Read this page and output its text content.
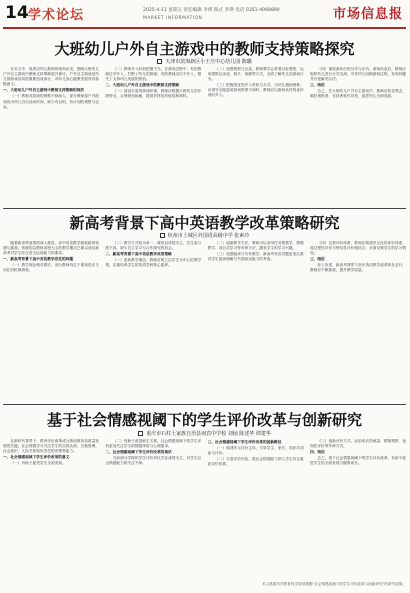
14 学术论坛	2025-4-11 星期五 责任编辑 李瑛 版式 李瑛 电话 0351-4068890
MARKET INFORMATION	市场信息报
大班幼儿户外自主游戏中的教师支持策略探究
天津市滨海新区小王庄中心幼儿园 陈璐

在本文中，笔者以幼儿教师的视角出发，围绕大班幼儿户外自主游戏中教师支持策略展开探讨。户外自主游戏是幼儿园游戏活动的重要组成部分，对幼儿身心健康发展具有积极意义。

一、大班幼儿户外自主游戏中教师支持策略的现状

（一）教师对游戏的观察不够深入，部分教师将户外游戏视为幼儿自由活动时间，缺少有目的、有计划的观察与记录。

（二）教师介入时机把握不当。在游戏过程中，有的教师过早介入，打断了幼儿的探索；有的教师迟迟不介入，错失了支持幼儿发展的契机。

二、大班幼儿户外自主游戏中的教师支持策略

（一）创设丰富的游戏环境，教师应根据大班幼儿的年龄特点，合理规划场地，提供多样化的低结构材料。

（二）加强观察与记录。教师要学会带着目标观察，运用观察记录表、照片、视频等方式，全面了解幼儿的游戏行为。

（三）把握适宜的介入时机与方式，当幼儿遇到困难、出现安全隐患或游戏停滞不前时，教师应以游戏伙伴的身份适时介入。

（四）重视游戏后的分享与评价。游戏结束后，教师应组织幼儿进行分享交流，引导幼儿回顾游戏过程，发现问题并讨论解决办法。

三、结语

总之，在大班幼儿户外自主游戏中，教师应转变观念，做好观察者、支持者和引导者，促进幼儿全面发展。

新高考背景下高中英语教学改革策略研究
杭州市上城区外国语高级中学 张素玲

随着新高考改革的深入推进，高中英语教学面临新的机遇与挑战。传统的以教师讲授为主的教学模式已难以适应新高考对学生综合语言运用能力的要求。

一、新高考背景下高中英语教学存在的问题

（一）教学理念相对滞后，部分教师仍过于重视语法与词汇的机械训练。

（二）教学方式较为单一，课堂以讲授为主，学生参与度不高，缺少自主学习与合作探究的机会。

二、新高考背景下高中英语教学改革策略

（一）更新教学理念，教师应树立以学生为中心的教学观，注重培养学生的英语学科核心素养。

（二）创新教学方法，教师可以采用任务型教学、情境教学、项目式学习等多种方法，激发学生的学习兴趣。

（三）加强阅读与写作教学，新高考英语试题更加注重对学生阅读理解与书面表达能力的考查。

（四）完善评价体系，教师应构建多元化的评价体系，将过程性评价与终结性评价相结合，全面反映学生的学习情况。

三、结语

综上所述，新高考背景下高中英语教学改革势在必行，教师应不断探索，提升教学质量。

基于社会情感视阈下的学生评价改革与创新研究
重庆市石柱土家族自治县南宾中学校 刘灿 陈述华 谭建华

在新时代背景下，教育评价改革成为推动教育高质量发展的关键。社会情感学习关注学生的自我认知、自我管理、社会意识、人际关系和负责任的决策等能力。

一、社会情感视域下学生评价改革的意义

（一）有助于促进学生全面发展。

（二）有助于改善师生关系，社会情感视域下的学生评价更加关注学生的情感体验与心理需求。

二、社会情感视阈下学生评价改革的现状

当前部分学校的学生评价仍以学业成绩为主，对学生社会情感能力的关注不够。

三、社会情感视阈下学生评价改革的创新路径

（一）构建多元评价主体，引导学生、家长、同伴共同参与评价。

（二）丰富评价内容，将社会情感能力纳入学生综合素质评价体系。

（三）创新评价方式，运用成长档案袋、情境观察、表现性评价等多种方式。

四、结语

总之，基于社会情感视阈下的学生评价改革，有助于促进学生的全面发展与健康成长。

本文系重庆市教育科学规划课题“社会情感视阈下的学生评价改革与创新研究”的研究成果。
